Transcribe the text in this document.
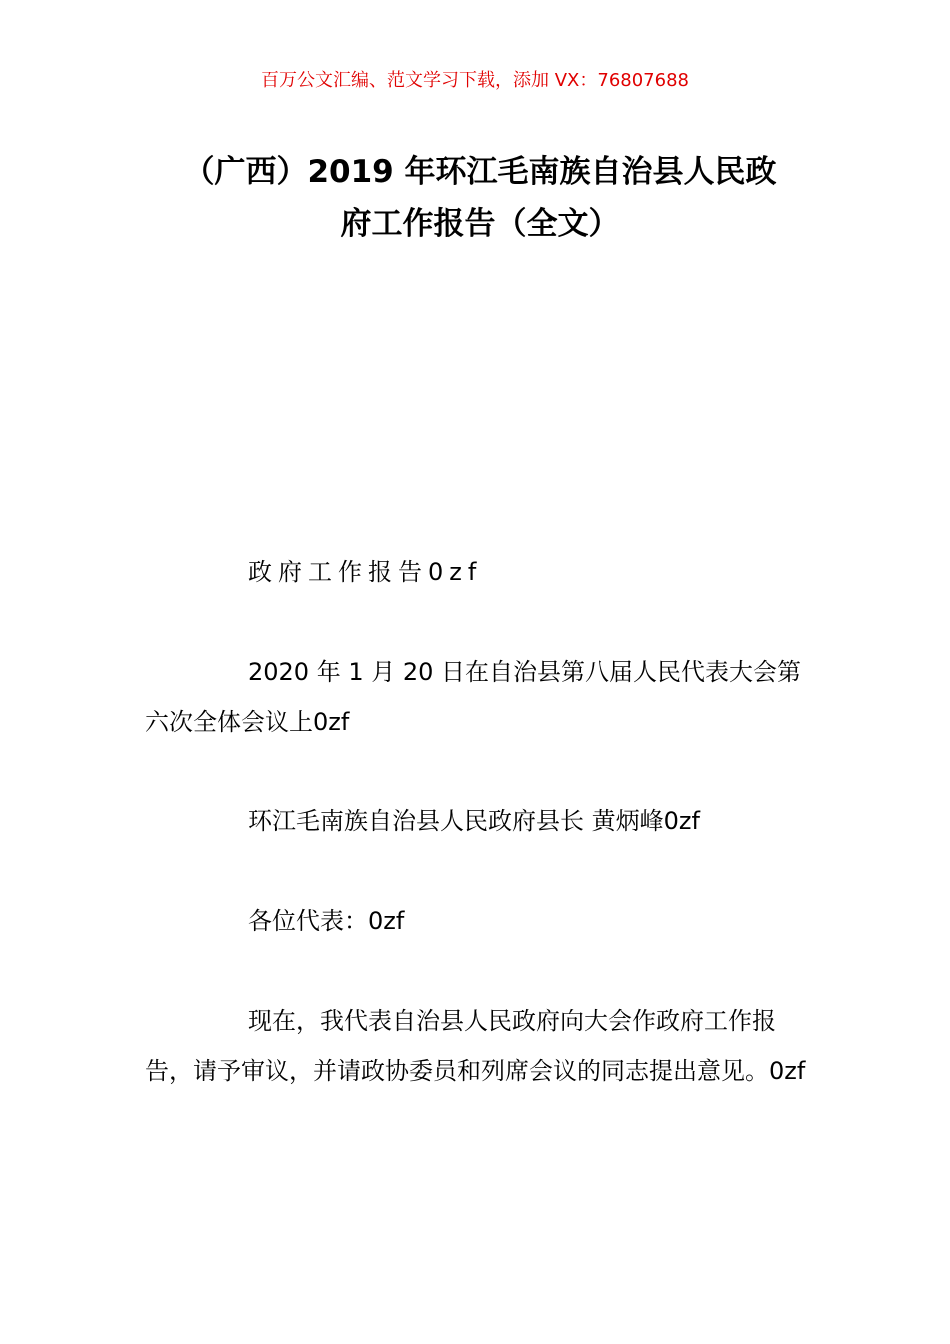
百万公文汇编、范文学习下载，添加 VX：76807688
（广西）2019 年环江毛南族自治县人民政
府工作报告（全文）

政府工作报告0zf

2020 年 1 月 20 日在自治县第八届人民代表大会第六次全体会议上0zf

环江毛南族自治县人民政府县长 黄炳峰0zf

各位代表：0zf

现在，我代表自治县人民政府向大会作政府工作报告，请予审议，并请政协委员和列席会议的同志提出意见。0zf
